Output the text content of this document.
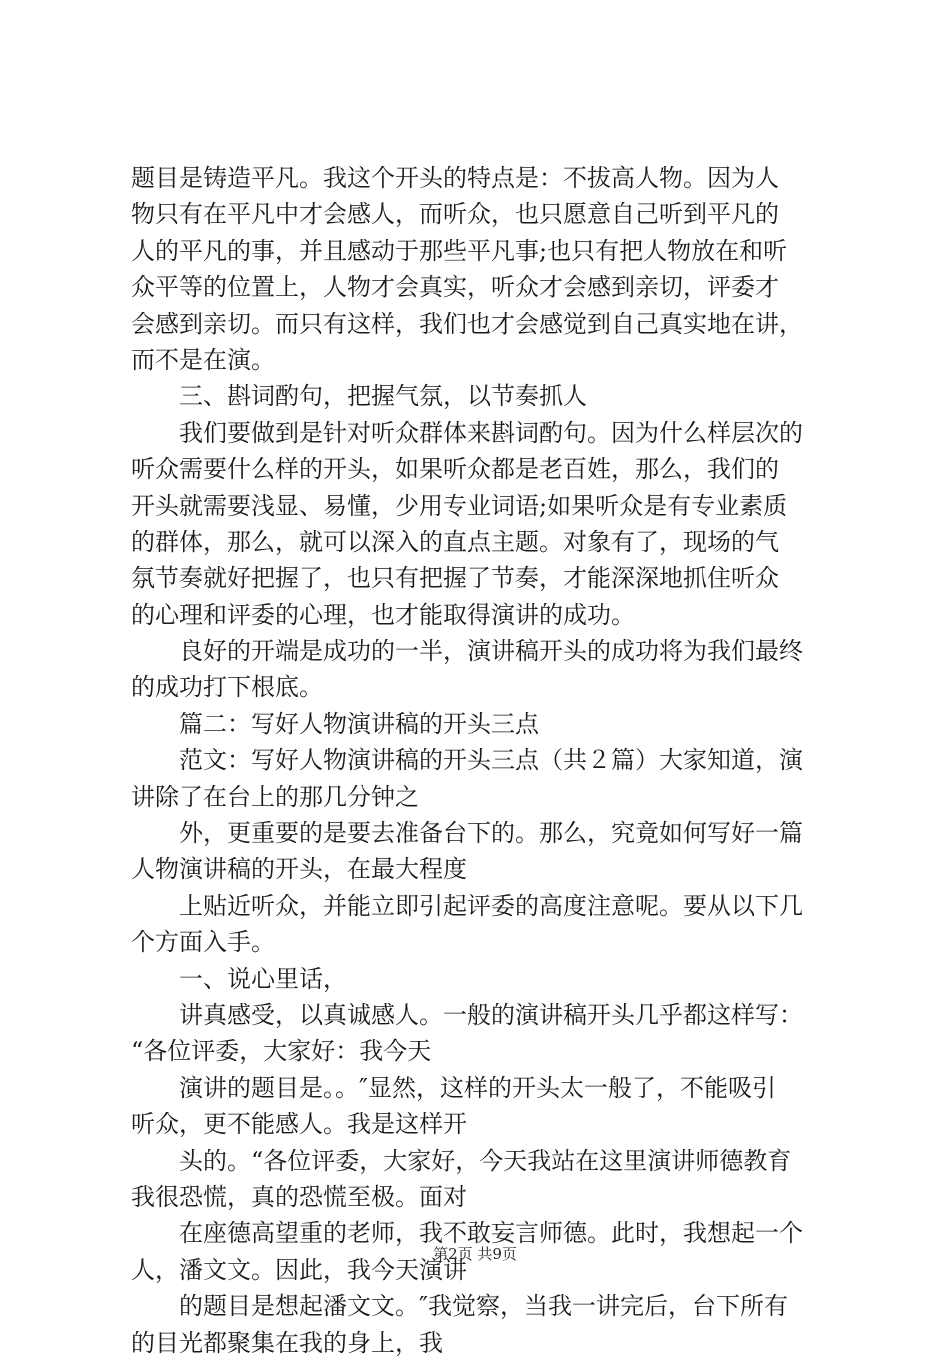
题目是铸造平凡。我这个开头的特点是：不拔高人物。因为人
物只有在平凡中才会感人，而听众，也只愿意自己听到平凡的
人的平凡的事，并且感动于那些平凡事;也只有把人物放在和听
众平等的位置上，人物才会真实，听众才会感到亲切，评委才
会感到亲切。而只有这样，我们也才会感觉到自己真实地在讲，
而不是在演。
三、斟词酌句，把握气氛，以节奏抓人
我们要做到是针对听众群体来斟词酌句。因为什么样层次的
听众需要什么样的开头，如果听众都是老百姓，那么，我们的
开头就需要浅显、易懂，少用专业词语;如果听众是有专业素质
的群体，那么，就可以深入的直点主题。对象有了，现场的气
氛节奏就好把握了，也只有把握了节奏，才能深深地抓住听众
的心理和评委的心理，也才能取得演讲的成功。
良好的开端是成功的一半，演讲稿开头的成功将为我们最终
的成功打下根底。
篇二：写好人物演讲稿的开头三点
范文：写好人物演讲稿的开头三点（共２篇）大家知道，演
讲除了在台上的那几分钟之
外，更重要的是要去准备台下的。那么，究竟如何写好一篇
人物演讲稿的开头，在最大程度
上贴近听众，并能立即引起评委的高度注意呢。要从以下几
个方面入手。
一、说心里话，
讲真感受，以真诚感人。一般的演讲稿开头几乎都这样写：
“各位评委，大家好：我今天
演讲的题目是。。″显然，这样的开头太一般了，不能吸引
听众，更不能感人。我是这样开
头的。“各位评委，大家好，今天我站在这里演讲师德教育
我很恐慌，真的恐慌至极。面对
在座德高望重的老师，我不敢妄言师德。此时，我想起一个
人，潘文文。因此，我今天演讲
的题目是想起潘文文。″我觉察，当我一讲完后，台下所有
的目光都聚集在我的身上，我
第2页 共9页
